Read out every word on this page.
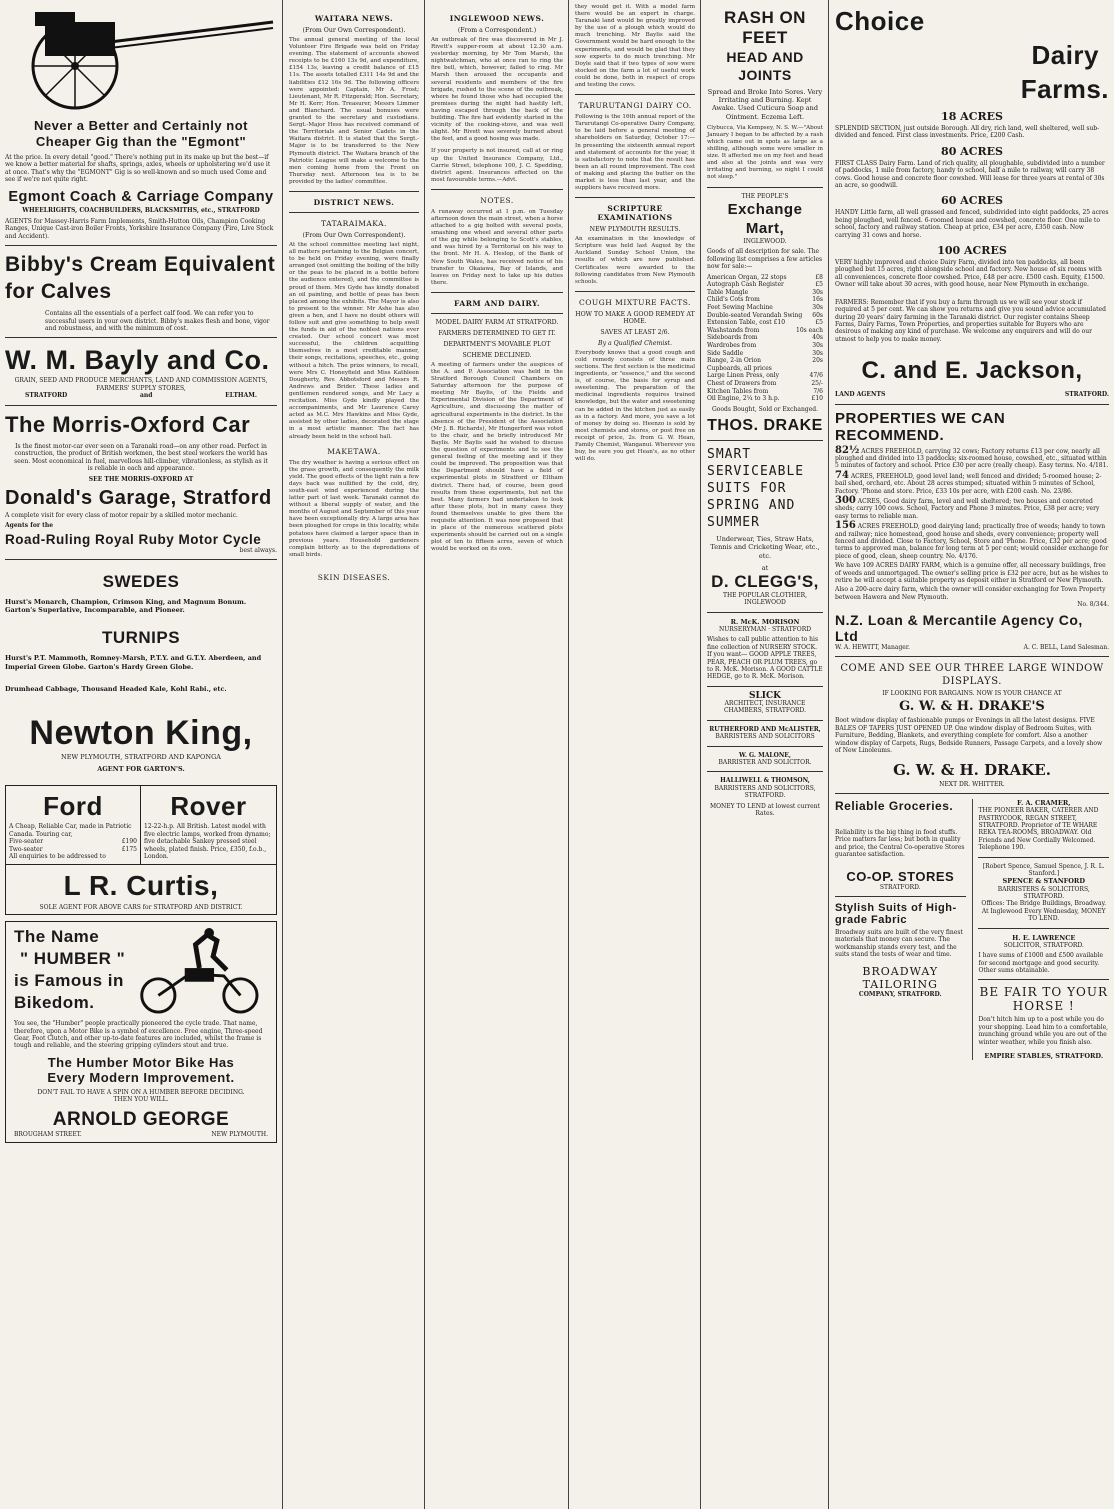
Never a Better and Certainly not
Cheaper Gig than the "Egmont"
At the price. In every detail "good." There's nothing put in its make up but the best—if we know a better material for shafts, springs, axles, wheels or upholstering we'd use it at once. That's why the "EGMONT" Gig is so well-known and so much used Come and see if we're not quite right.
Egmont Coach & Carriage Company
WHEELRIGHTS, COACHBUILDERS, BLACKSMITHS, etc., STRATFORD
AGENTS for Massey-Harris Farm Implements, Smith-Hutton Oils, Champion Cooking Ranges, Unique Cast-iron Boiler Fronts, Yorkshire Insurance Company (Fire, Live Stock and Accident).
Bibby's Cream Equivalent
for Calves
Contains all the essentials of a perfect calf food. We can refer you to successful users in your own district. Bibby's makes flesh and bone, vigor and robustness, and with the minimum of cost.
W. M. Bayly and Co.
GRAIN, SEED AND PRODUCE MERCHANTS, LAND AND COMMISSION AGENTS, FARMERS' SUPPLY STORES,
STRATFORD	and	ELTHAM.
The Morris-Oxford Car
Is the finest motor-car ever seen on a Taranaki road—on any other road. Perfect in construction, the product of British workmen, the best steel workers the world has seen. Most economical in fuel, marvellous hill-climber, vibrationless, as stylish as it is reliable in each and appearance.
SEE THE MORRIS-OXFORD AT
Donald's Garage, Stratford
A complete visit for every class of motor repair by a skilled motor mechanic.
Agents for the
Road-Ruling Royal Ruby Motor Cycle
best always.
SWEDES
Hurst's Monarch, Champion, Crimson King, and Magnum Bonum. Garton's Superlative, Incomparable, and Pioneer.
TURNIPS
Hurst's P.T. Mammoth, Romney-Marsh, P.T.Y. and G.T.Y. Aberdeen, and Imperial Green Globe. Garton's Hardy Green Globe.
Drumhead Cabbage, Thousand Headed Kale, Kohl Rabi., etc.
Newton King,
NEW PLYMOUTH, STRATFORD AND KAPONGA
AGENT FOR GARTON'S.
Ford
A Cheap, Reliable Car, made in Patriotic Canada. Touring car,
Five-seater	£190
Two-seater	£175
All enquiries to be addressed to
Rover
12-22-h.p. All British. Latest model with five electric lamps, worked from dynamo; five detachable Sankey pressed steel wheels, plated finish. Price, £350, f.o.b., London.
L R. Curtis,
SOLE AGENT FOR ABOVE CARS for STRATFORD AND DISTRICT.
The Name
" HUMBER "
is Famous in
Bikedom.
You see, the "Humber" people practically pioneered the cycle trade. That name, therefore, upon a Motor Bike is a symbol of excellence. Free engine, Three-speed Gear, Foot Clutch, and other up-to-date features are included, whilst the frame is tough and reliable, and the steering gripping cylinders stout and true.
The Humber Motor Bike Has
Every Modern Improvement.
DON'T FAIL TO HAVE A SPIN ON A HUMBER BEFORE DECIDING.
THEN YOU WILL.
ARNOLD GEORGE
BROUGHAM STREET.	NEW PLYMOUTH.
WAITARA NEWS.
(From Our Own Correspondent).
The annual general meeting of the local Volunteer Fire Brigade was held on Friday evening. The statement of accounts showed receipts to be £160 13s 9d, and expenditure, £154 13s, leaving a credit balance of £15 11s. The assets totalled £311 14s 9d and the liabilities £12 16s 9d. The following officers were appointed: Captain, Mr A. Frost; Lieutenant, Mr R. Fitzgerald; Hon. Secretary, Mr H. Kerr; Hon. Treasurer, Messrs Limmer and Blanchard. The usual bonuses were granted to the secretary and custodians. Sergt.-Major Hess has received command of the Territorials and Senior Cadets in the Waitara district. It is stated that the Sergt.-Major is to be transferred to the New Plymouth district. The Waitara branch of the Patriotic League will make a welcome to the men coming home from the Front on Thursday next. Afternoon tea is to be provided by the ladies' committee.
DISTRICT NEWS.
TATARAIMAKA.
(From Our Own Correspondent).
At the school committee meeting last night, all matters pertaining to the Belgian concert, to be held on Friday evening, were finally arranged (not omitting the boiling of the billy or the peas to be placed in a bottle before the audience entered), and the committee is proud of them. Mrs Gyde has kindly donated an oil painting, and bottle of peas has been placed among the exhibits. The Mayor is also to present to the winner. Mr Ashe has also given a hen, and I have no doubt others will follow suit and give something to help swell the funds in aid of the noblest nations ever created. Our school concert was most successful, the children acquitting themselves in a most creditable manner, their songs, recitations, speeches, etc., going without a hitch. The prize winners, to recall, were Mrs C. Honeyfield and Miss Kathleen Dougherty, Rev. Abbotsford and Messrs R. Andrews and Brider. These ladies and gentlemen rendered songs, and Mr Lacy a recitation. Miss Gyde kindly played the accompaniments, and Mr Laurence Carey acted as M.C. Mrs Hawkins and Miss Gyde, assisted by other ladies, decorated the stage in a most artistic manner. The fact has already been held in the school hall.
MAKETAWA.
The dry weather is having a serious effect on the grass growth, and consequently the milk yield. The good effects of the light rain a few days back was nullified by the cold, dry, south-east wind experienced during the latter part of last week. Taranaki cannot do without a liberal supply of water, and the months of August and September of this year have been exceptionally dry. A large area has been ploughed for crops in this locality, while potatoes have claimed a larger space than in previous years. Household gardeners complain bitterly as to the depredations of small birds.
SKIN DISEASES.
INGLEWOOD NEWS.
(From a Correspondent.)
An outbreak of fire was discovered in Mr J. Rivett's supper-room at about 12.30 a.m. yesterday morning, by Mr Tom Marsh, the nightwatchman, who at once ran to ring the fire bell, which, however, failed to ring. Mr Marsh then aroused the occupants and several residents and members of the fire brigade, rushed to the scene of the outbreak, where he found those who had occupied the premises during the night had hastily left, having escaped through the back of the building. The fire had evidently started in the vicinity of the cooking-stove, and was well alight. Mr Rivett was severely burned about the feet, and a good hosing was made.
If your property is not insured, call at or ring up the United Insurance Company, Ltd., Carrie Street, telephone 100, J. C. Spedding, district agent. Insurances effected on the most favourable terms.—Advt.
NOTES.
A runaway occurred at 1 p.m. on Tuesday afternoon down the main street, when a horse attached to a gig bolted with several posts, smashing one wheel and several other parts of the gig while belonging to Scott's stables, and was hired by a Territorial on his way to the front. Mr H. A. Heslop, of the Bank of New South Wales, has received notice of his transfer to Okaiawa, Bay of Islands, and leaves on Friday next to take up his duties there.
FARM AND DAIRY.
MODEL DAIRY FARM AT STRATFORD.
FARMERS DETERMINED TO GET IT.
DEPARTMENT'S MOVABLE PLOT
SCHEME DECLINED.
A meeting of farmers under the auspices of the A. and P. Association was held in the Stratford Borough Council Chambers on Saturday afternoon for the purpose of meeting Mr Baylis, of the Fields and Experimental Division of the Department of Agriculture, and discussing the matter of agricultural experiments in the district. In the absence of the President of the Association (Mr J. B. Richards), Mr Hungerford was voted to the chair, and he briefly introduced Mr Baylis. Mr Baylis said he wished to discuss the question of experiments and to see the general feeling of the meeting and if they could be improved. The proposition was that the Department should have a field of experimental plots in Stratford or Eltham district. There had, of course, been good results from these experiments, but not the best. Many farmers had undertaken to look after these plots, but in many cases they found themselves unable to give them the requisite attention. It was now proposed that in place of the numerous scattered plots experiments should be carried out on a single plot of ten to fifteen acres, seven of which would be worked on its own.
they would get it. With a model farm there would be an expert in charge. Taranaki land would be greatly improved by the use of a plough which would do much trenching. Mr Baylis said the Government would be hard enough to the experiments, and would be glad that they sow experts to do much trenching. Mr Doyle said that if two types of sow were stocked on the farm a lot of useful work could be done, both in respect of crops and testing the cows.
TARURUTANGI DAIRY CO.
Following is the 16th annual report of the Tarurutangi Co-operative Dairy Company, to be laid before a general meeting of shareholders on Saturday, October 17:— In presenting the sixteenth annual report and statement of accounts for the year, it is satisfactory to note that the result has been an all round improvement. The cost of making and placing the butter on the market is less than last year, and the suppliers have received more.
SCRIPTURE EXAMINATIONS
NEW PLYMOUTH RESULTS.
An examination in the knowledge of Scripture was held last August by the Auckland Sunday School Union, the results of which are now published. Certificates were awarded to the following candidates from New Plymouth schools.
COUGH MIXTURE FACTS.
HOW TO MAKE A GOOD REMEDY AT HOME.
SAVES AT LEAST 2/6.
By a Qualified Chemist.
Everybody knows that a good cough and cold remedy consists of three main sections. The first section is the medicinal ingredients, or "essence," and the second is, of course, the basis for syrup and sweetening. The preparation of the medicinal ingredients requires trained knowledge, but the water and sweetening can be added in the kitchen just as easily as in a factory. And more, you save a lot of money by doing so. Heenzo is sold by most chemists and stores, or post free on receipt of price, 2s. from G. W. Hean, Family Chemist, Wanganui. Wherever you buy, be sure you get Hean's, as no other will do.
RASH ON FEET
HEAD AND JOINTS
Spread and Broke Into Sores. Very Irritating and Burning. Kept Awake. Used Cuticura Soap and Ointment. Eczema Left.
Clybucca, Via Kempsey, N. S. W.—"About January I began to be affected by a rash which came out in spots as large as a shilling, although some were smaller in size. It affected me on my feet and head and also at the joints and was very irritating and burning, so night I could not sleep."
THE PEOPLE'S
Exchange Mart,
INGLEWOOD.
Goods of all description for sale. The following list comprises a few articles now for sale:—
American Organ, 22 stops	£8
Autograph Cash Register	£5
Table Mangle	30s
Child's Cots from	16s
Feet Sewing Machine	30s
Double-seated Verandah Swing 60s
Extension Table, cost £10	£5
Washstands from	10s each
Sideboards from	40s
Wardrobes from	30s
Side Saddle	30s
Range, 2-in Orion	20s
Cupboards, all prices
Large Linen Press, only	47/6
Chest of Drawers from	25/-
Kitchen Tables from	7/6
Oil Engine, 2¼ to 3 h.p.	£10
Goods Bought, Sold or Exchanged.
THOS. DRAKE
SMART SERVICEABLE SUITS FOR SPRING AND SUMMER
Underwear, Ties, Straw Hats, Tennis and Cricketing Wear, etc., etc.
at
D. CLEGG'S,
THE POPULAR CLOTHIER, INGLEWOOD
R. McK. MORISON
NURSERYMAN · STRATFORD
Wishes to call public attention to his fine collection of NURSERY STOCK. If you want— GOOD APPLE TREES, PEAR, PEACH OR PLUM TREES, go to R. McK. Morison. A GOOD CATTLE HEDGE, go to R. McK. Morison.
SLICK
ARCHITECT, INSURANCE CHAMBERS, STRATFORD.
RUTHERFORD AND McALISTER,
BARRISTERS AND SOLICITORS
W. G. MALONE,
BARRISTER AND SOLICITOR.
HALLIWELL & THOMSON,
BARRISTERS AND SOLICITORS, STRATFORD.
MONEY TO LEND at lowest current Rates.
Choice
Dairy
Farms.
18 ACRES
SPLENDID SECTION, just outside Borough. All dry, rich land, well sheltered, well sub-divided and fenced. First class investments. Price, £200 Cash.
80 ACRES
FIRST CLASS Dairy Farm. Land of rich quality, all ploughable, subdivided into a number of paddocks, 1 mile from factory, handy to school, half a mile to railway, will carry 38 cows. Good house and concrete floor cowshed. Will lease for three years at rental of 30s an acre, so goodwill.
60 ACRES
HANDY Little farm, all well grassed and fenced, subdivided into eight paddocks, 25 acres being ploughed, well fenced. 6-roomed house and cowshed, concrete floor. One mile to school, factory and railway station. Cheap at price, £34 per acre, £350 cash. Now carrying 31 cows and horse.
100 ACRES
VERY highly improved and choice Dairy Farm, divided into ten paddocks, all been ploughed but 15 acres, right alongside school and factory. New house of six rooms with all conveniences, concrete floor cowshed. Price, £48 per acre. £500 cash. Equity, £1500. Owner will take about 30 acres, with good house, near New Plymouth in exchange.
FARMERS: Remember that if you buy a farm through us we will see your stock if required at 5 per cent. We can show you returns and give you sound advice accumulated during 20 years' dairy farming in the Taranaki district. Our register contains Sheep Farms, Dairy Farms, Town Properties, and properties suitable for Buyers who are desirous of making any kind of purchase. We welcome any enquirers and will do our utmost to help you to make money.
C. and E. Jackson,
LAND AGENTS	STRATFORD.
PROPERTIES WE CAN RECOMMEND.
82½ ACRES FREEHOLD, carrying 32 cows; Factory returns £13 per cow, nearly all ploughed and divided into 13 paddocks; six-roomed house, cowshed, etc., situated within 5 minutes of factory and school. Price £30 per acre (really cheap). Easy terms. No. 4/181.
74 ACRES, FREEHOLD, good level land; well fenced and divided; 5-roomed house; 2-bail shed, orchard, etc. About 28 acres stumped; situated within 5 minutes of School, Factory. 'Phone and store. Price, £33 10s per acre, with £200 cash. No. 23/86.
300 ACRES, Good dairy farm, level and well sheltered; two houses and concreted sheds; carry 100 cows. School, Factory and Phone 3 minutes. Price, £38 per acre; very easy terms to reliable man.
156 ACRES FREEHOLD, good dairying land; practically free of weeds; handy to town and railway; nice homestead, good house and sheds, every convenience; property well fenced and divided. Close to Factory, School, Store and 'Phone. Price, £32 per acre; good terms to approved man, balance for long term at 5 per cent; would consider exchange for piece of good, clean, sheep country. No. 4/176.
We have 109 ACRES DAIRY FARM, which is a genuine offer, all necessary buildings, free of weeds and unmortgaged. The owner's selling price is £32 per acre, but as he wishes to retire he will accept a suitable property as deposit either in Stratford or New Plymouth.
Also a 200-acre dairy farm, which the owner will consider exchanging for Town Property between Hawera and New Plymouth.
No. 8/344.
N.Z. Loan & Mercantile Agency Co, Ltd
W. A. HEWITT, Manager.	A. C. BELL, Land Salesman.
COME AND SEE OUR THREE LARGE WINDOW DISPLAYS.
IF LOOKING FOR BARGAINS. NOW IS YOUR CHANCE AT
G. W. & H. DRAKE'S
Boot window display of fashionable pumps or Evenings in all the latest designs. FIVE BALES OF TAPERS JUST OPENED UP. One window display of Bedroom Suites, with Furniture, Bedding, Blankets, and everything complete for comfort. Also a another window display of Carpets, Rugs, Bedside Runners, Passage Carpets, and a lovely show of New Linoleums.
G. W. & H. DRAKE.
NEXT DR. WHITTER.
Reliable Groceries.
Reliability is the big thing in food stuffs. Price matters far less; but both in quality and price, the Central Co-operative Stores guarantee satisfaction.
CO-OP. STORES
STRATFORD.
Stylish Suits of High-grade Fabric
Broadway suits are built of the very finest materials that money can secure. The workmanship stands every test, and the suits stand the tests of wear and time.
BROADWAY TAILORING
COMPANY, STRATFORD.
F. A. CRAMER,
THE PIONEER BAKER, CATERER AND PASTRYCOOK, REGAN STREET, STRATFORD. Proprietor of TE WHARE REKA TEA-ROOMS, BROADWAY. Old Friends and New Cordially Welcomed.
Telephone 190.
[Robert Spence, Samuel Spence, J. R. L. Stanford.]
SPENCE & STANFORD
BARRISTERS & SOLICITORS, STRATFORD.
Offices: The Bridge Buildings, Broadway.
At Inglewood Every Wednesday, MONEY TO LEND.
H. E. LAWRENCE
SOLICITOR, STRATFORD.
I have sums of £1000 and £500 available for second mortgage and good security. Other sums obtainable.
BE FAIR TO YOUR HORSE !
Don't hitch him up to a post while you do your shopping. Lead him to a comfortable, munching ground while you are out of the winter weather, while you finish also.
EMPIRE STABLES, STRATFORD.
